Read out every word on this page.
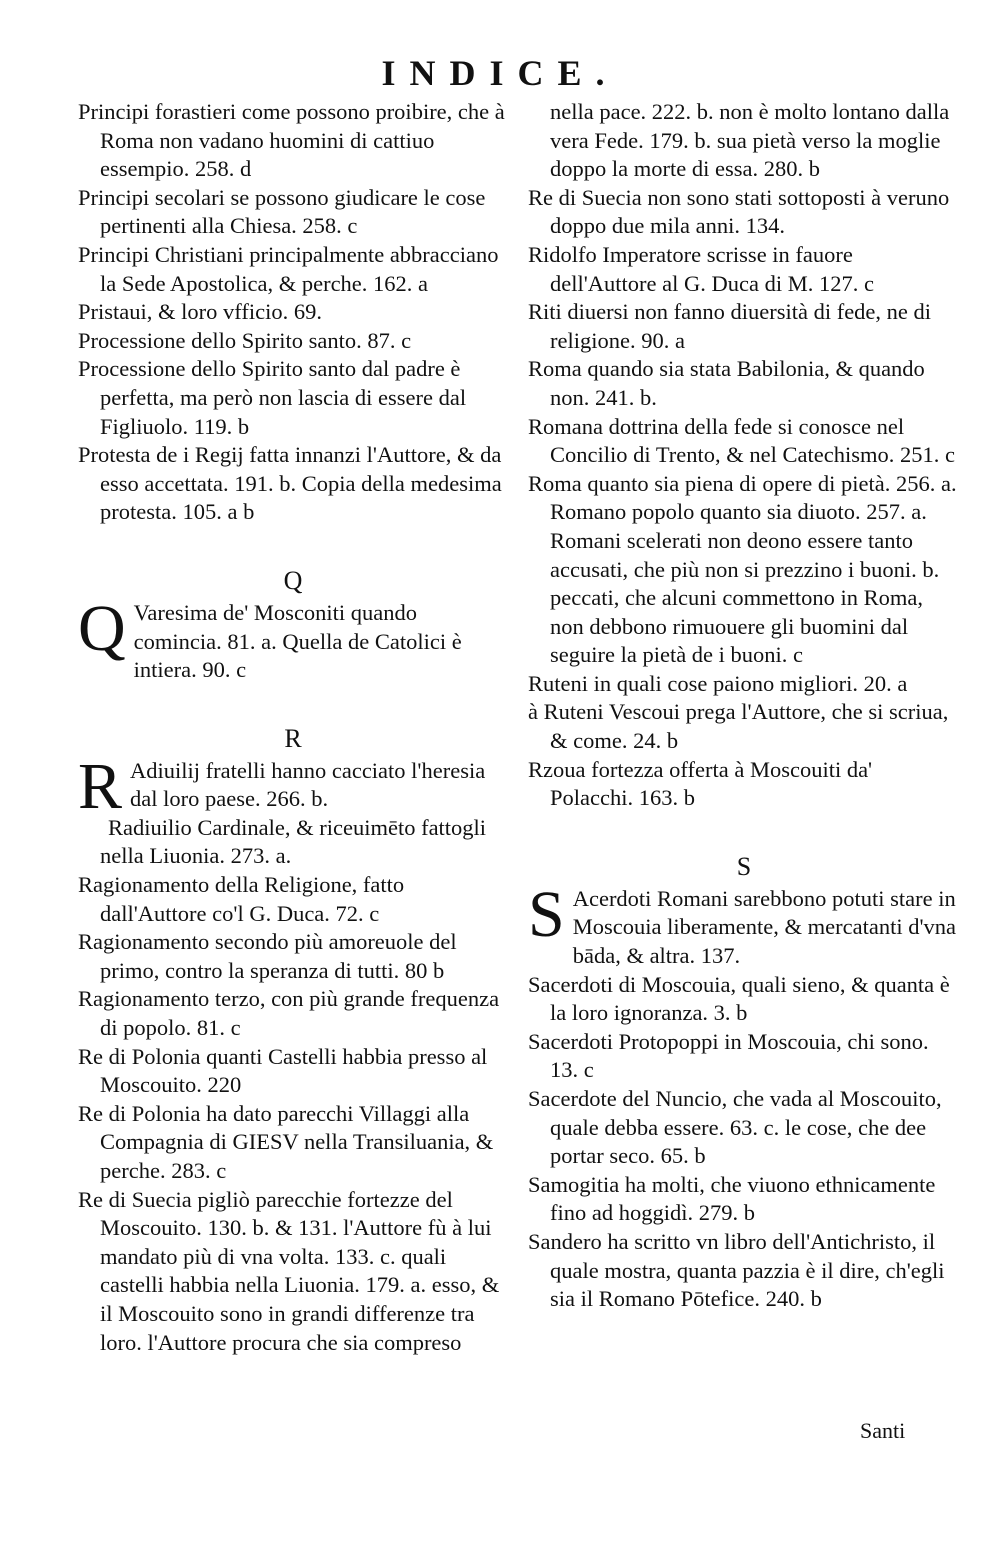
INDICE.

Principi forastieri come possono proibire, che à Roma non vadano huomini di cattiuo essempio. 258. d

Principi secolari se possono giudicare le cose pertinenti alla Chiesa. 258. c

Principi Christiani principalmente abbracciano la Sede Apostolica, & perche. 162. a

Pristaui, & loro vfficio. 69.

Processione dello Spirito santo. 87. c

Processione dello Spirito santo dal padre è perfetta, ma però non lascia di essere dal Figliuolo. 119. b

Protesta de i Regij fatta innanzi l'Auttore, & da esso accettata. 191. b. Copia della medesima protesta. 105. a b

Q

Q Varesima de' Mosconiti quando comincia. 81. a. Quella de Catolici è intiera. 90. c

R

R Adiuilij fratelli hanno cacciato l'heresia dal loro paese. 266. b.

Radiuilio Cardinale, & riceuimēto fattogli nella Liuonia. 273. a.

Ragionamento della Religione, fatto dall'Auttore co'l G. Duca. 72. c

Ragionamento secondo più amoreuole del primo, contro la speranza di tutti. 80 b

Ragionamento terzo, con più grande frequenza di popolo. 81. c

Re di Polonia quanti Castelli habbia presso al Moscouito. 220

Re di Polonia ha dato parecchi Villaggi alla Compagnia di GIESV nella Transiluania, & perche. 283. c

Re di Suecia pigliò parecchie fortezze del Moscouito. 130. b. & 131. l'Auttore fù à lui mandato più di vna volta. 133. c. quali castelli habbia nella Liuonia. 179. a. esso, & il Moscouito sono in grandi differenze tra loro. l'Auttore procura che sia compreso

nella pace. 222. b. non è molto lontano dalla vera Fede. 179. b. sua pietà verso la moglie doppo la morte di essa. 280. b

Re di Suecia non sono stati sottoposti à veruno doppo due mila anni. 134.

Ridolfo Imperatore scrisse in fauore dell'Auttore al G. Duca di M. 127. c

Riti diuersi non fanno diuersità di fede, ne di religione. 90. a

Roma quando sia stata Babilonia, & quando non. 241. b.

Romana dottrina della fede si conosce nel Concilio di Trento, & nel Catechismo. 251. c

Roma quanto sia piena di opere di pietà. 256. a. Romano popolo quanto sia diuoto. 257. a. Romani scelerati non deono essere tanto accusati, che più non si prezzino i buoni. b. peccati, che alcuni commettono in Roma, non debbono rimuouere gli buomini dal seguire la pietà de i buoni. c

Ruteni in quali cose paiono migliori. 20. a

à Ruteni Vescoui prega l'Auttore, che si scriua, & come. 24. b

Rzoua fortezza offerta à Moscouiti da' Polacchi. 163. b

S

S Acerdoti Romani sarebbono potuti stare in Moscouia liberamente, & mercatanti d'vna bāda, & altra. 137.

Sacerdoti di Moscouia, quali sieno, & quanta è la loro ignoranza. 3. b

Sacerdoti Protopoppi in Moscouia, chi sono. 13. c

Sacerdote del Nuncio, che vada al Moscouito, quale debba essere. 63. c. le cose, che dee portar seco. 65. b

Samogitia ha molti, che viuono ethnicamente fino ad hoggidì. 279. b

Sandero ha scritto vn libro dell'Antichristo, il quale mostra, quanta pazzia è il dire, ch'egli sia il Romano Pōtefice. 240. b

Santi
